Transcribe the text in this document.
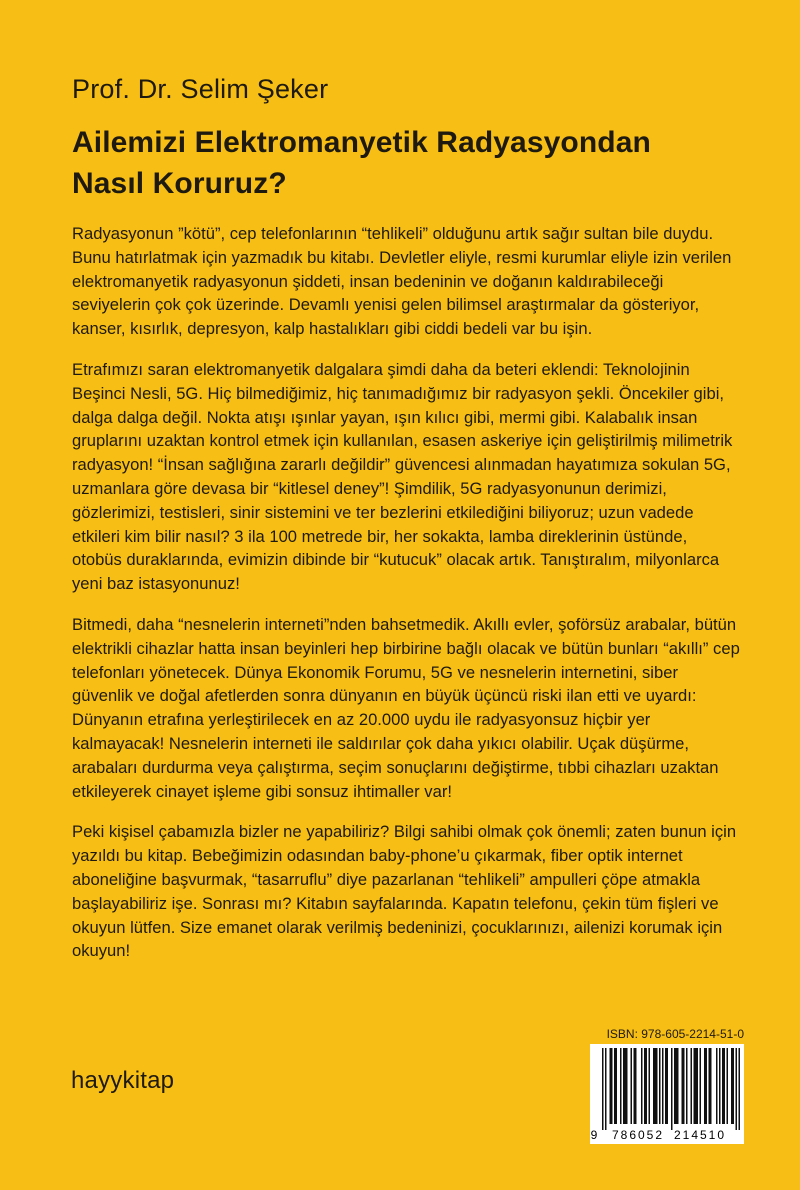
Prof. Dr. Selim Şeker
Ailemizi Elektromanyetik Radyasyondan
Nasıl Koruruz?

Radyasyonun ”kötü”, cep telefonlarının “tehlikeli” olduğunu artık sağır sultan bile duydu. Bunu hatırlatmak için yazmadık bu kitabı. Devletler eliyle, resmi kurumlar eliyle izin verilen elektromanyetik radyasyonun şiddeti, insan bedeninin ve doğanın kaldırabileceği seviyelerin çok çok üzerinde. Devamlı yenisi gelen bilimsel araştırmalar da gösteriyor, kanser, kısırlık, depresyon, kalp hastalıkları gibi ciddi bedeli var bu işin.

Etrafımızı saran elektromanyetik dalgalara şimdi daha da beteri eklendi: Teknolojinin Beşinci Nesli, 5G. Hiç bilmediğimiz, hiç tanımadığımız bir radyasyon şekli. Öncekiler gibi, dalga dalga değil. Nokta atışı ışınlar yayan, ışın kılıcı gibi, mermi gibi. Kalabalık insan gruplarını uzaktan kontrol etmek için kullanılan, esasen askeriye için geliştirilmiş milimetrik radyasyon! “İnsan sağlığına zararlı değildir” güvencesi alınmadan hayatımıza sokulan 5G, uzmanlara göre devasa bir “kitlesel deney”! Şimdilik, 5G radyasyonunun derimizi, gözlerimizi, testisleri, sinir sistemini ve ter bezlerini etkilediğini biliyoruz; uzun vadede etkileri kim bilir nasıl? 3 ila 100 metrede bir, her sokakta, lamba direklerinin üstünde, otobüs duraklarında, evimizin dibinde bir “kutucuk” olacak artık. Tanıştıralım, milyonlarca yeni baz istasyonunuz!

Bitmedi, daha “nesnelerin interneti”nden bahsetmedik. Akıllı evler, şoförsüz arabalar, bütün elektrikli cihazlar hatta insan beyinleri hep birbirine bağlı olacak ve bütün bunları “akıllı” cep telefonları yönetecek. Dünya Ekonomik Forumu, 5G ve nesnelerin internetini, siber güvenlik ve doğal afetlerden sonra dünyanın en büyük üçüncü riski ilan etti ve uyardı: Dünyanın etrafına yerleştirilecek en az 20.000 uydu ile radyasyonsuz hiçbir yer kalmayacak! Nesnelerin interneti ile saldırılar çok daha yıkıcı olabilir. Uçak düşürme, arabaları durdurma veya çalıştırma, seçim sonuçlarını değiştirme, tıbbi cihazları uzaktan etkileyerek cinayet işleme gibi sonsuz ihtimaller var!

Peki kişisel çabamızla bizler ne yapabiliriz? Bilgi sahibi olmak çok önemli; zaten bunun için yazıldı bu kitap. Bebeğimizin odasından baby-phone’u çıkarmak, fiber optik internet aboneliğine başvurmak, “tasarruflu” diye pazarlanan “tehlikeli” ampulleri çöpe atmakla başlayabiliriz işe. Sonrası mı? Kitabın sayfalarında. Kapatın telefonu, çekin tüm fişleri ve okuyun lütfen. Size emanet olarak verilmiş bedeninizi, çocuklarınızı, ailenizi korumak için okuyun!

hayykitap
ISBN: 978-605-2214-51-0
9 786052 214510
